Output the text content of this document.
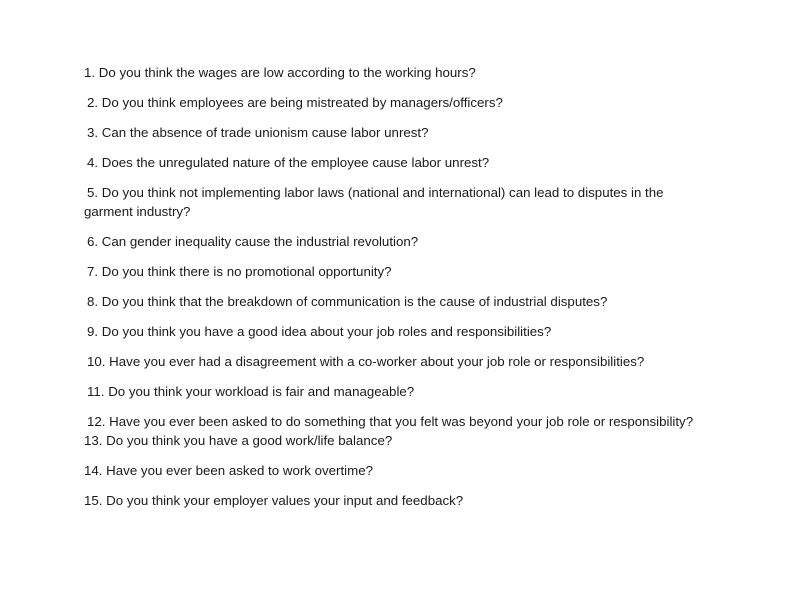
1. Do you think the wages are low according to the working hours?

2. Do you think employees are being mistreated by managers/officers?

3. Can the absence of trade unionism cause labor unrest?

4. Does the unregulated nature of the employee cause labor unrest?

5. Do you think not implementing labor laws (national and international) can lead to disputes in the

garment industry?

6. Can gender inequality cause the industrial revolution?

7. Do you think there is no promotional opportunity?

8. Do you think that the breakdown of communication is the cause of industrial disputes?

9. Do you think you have a good idea about your job roles and responsibilities?

10. Have you ever had a disagreement with a co-worker about your job role or responsibilities?

11. Do you think your workload is fair and manageable?

12. Have you ever been asked to do something that you felt was beyond your job role or responsibility?

13. Do you think you have a good work/life balance?

14. Have you ever been asked to work overtime?

15. Do you think your employer values your input and feedback?
